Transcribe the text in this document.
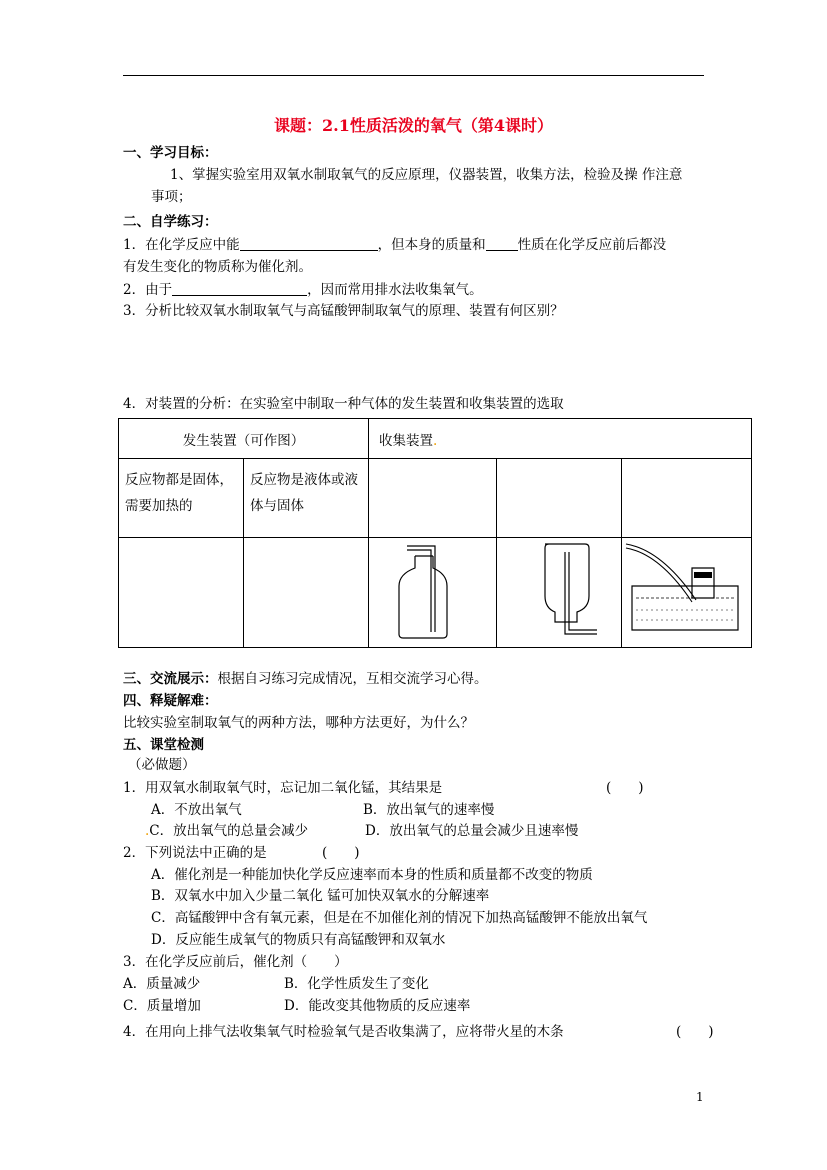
课题：2.1性质活泼的氧气（第4课时）
一、学习目标：
1、掌握实验室用双氧水制取氧气的反应原理，仪器装置，收集方法，检验及操 作注意
事项；
二、自学练习：
1．在化学反应中能	，但本身的质量和 性质在化学反应前后都没
有发生变化的物质称为催化剂。
2．由于	，因而常用排水法收集氧气。
3．分析比较双氧水制取氧气与高锰酸钾制取氧气的原理、装置有何区别？
4．对装置的分析：在实验室中制取一种气体的发生装置和收集装置的选取
发生装置（可作图）		收集装置.		

反应物都是固体，需要加热的	反应物是液体或液体与固体			

三、交流展示：根据自习练习完成情况，互相交流学习心得。
四、释疑解难：
比较实验室制取氧气的两种方法，哪种方法更好，为什么？
五、课堂检测
（必做题）
1．用双氧水制取氧气时，忘记加二氧化锰，其结果是	(　　)
A．不放出氧气	B．放出氧气的速率慢
.C．放出氧气的总量会减少	D．放出氧气的总量会减少且速率慢
2．下列说法中正确的是	(　　)
A．催化剂是一种能加快化学反应速率而本身的性质和质量都不改变的物质
B．双氧水中加入少量二氧化 锰可加快双氧水的分解速率
C．高锰酸钾中含有氧元素，但是在不加催化剂的情况下加热高锰酸钾不能放出氧气
D．反应能生成氧气的物质只有高锰酸钾和双氧水
3．在化学反应前后，催化剂（　　）
A．质量减少	B．化学性质发生了变化
C．质量增加	D．能改变其他物质的反应速率
4．在用向上排气法收集氧气时检验氧气是否收集满了，应将带火星的木条	(　　)
1
